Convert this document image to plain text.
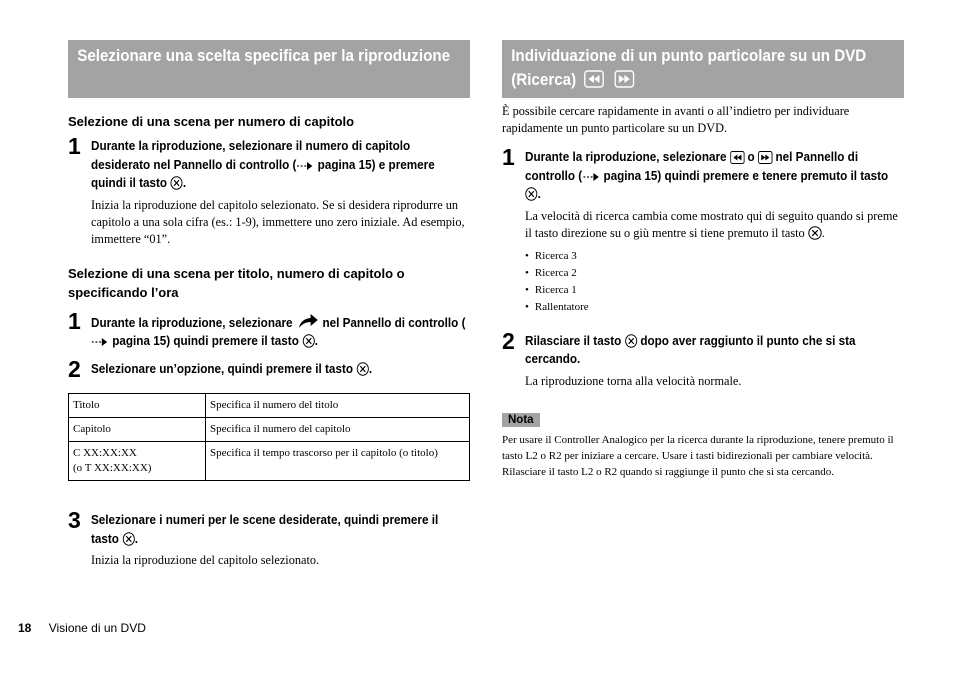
Selezionare una scelta specifica per la riproduzione
Selezione di una scena per numero di capitolo
1 Durante la riproduzione, selezionare il numero di capitolo desiderato nel Pannello di controllo ( pagina 15) e premere quindi il tasto .
Inizia la riproduzione del capitolo selezionato. Se si desidera riprodurre un capitolo a una sola cifra (es.: 1-9), immettere uno zero iniziale. Ad esempio, immettere “01”.
Selezione di una scena per titolo, numero di capitolo o specificando l’ora
1 Durante la riproduzione, selezionare  nel Pannello di controllo ( pagina 15) quindi premere il tasto .
2 Selezionare un’opzione, quindi premere il tasto .
Titolo	Specifica il numero del titolo
Capitolo	Specifica il numero del capitolo
C XX:XX:XX
(o T XX:XX:XX)	Specifica il tempo trascorso per il capitolo (o titolo)
3 Selezionare i numeri per le scene desiderate, quindi premere il tasto .
Inizia la riproduzione del capitolo selezionato.
Individuazione di un punto particolare su un DVD (Ricerca)
È possibile cercare rapidamente in avanti o all’indietro per individuare rapidamente un punto particolare su un DVD.
1 Durante la riproduzione, selezionare  o  nel Pannello di controllo ( pagina 15) quindi premere e tenere premuto il tasto .
La velocità di ricerca cambia come mostrato qui di seguito quando si preme il tasto direzione su o giù mentre si tiene premuto il tasto .
• Ricerca 3
• Ricerca 2
• Ricerca 1
• Rallentatore
2 Rilasciare il tasto  dopo aver raggiunto il punto che si sta cercando.
La riproduzione torna alla velocità normale.
Nota
Per usare il Controller Analogico per la ricerca durante la riproduzione, tenere premuto il tasto L2 o R2 per iniziare a cercare. Usare i tasti bidirezionali per cambiare velocità. Rilasciare il tasto L2 o R2 quando si raggiunge il punto che si sta cercando.
18 Visione di un DVD
